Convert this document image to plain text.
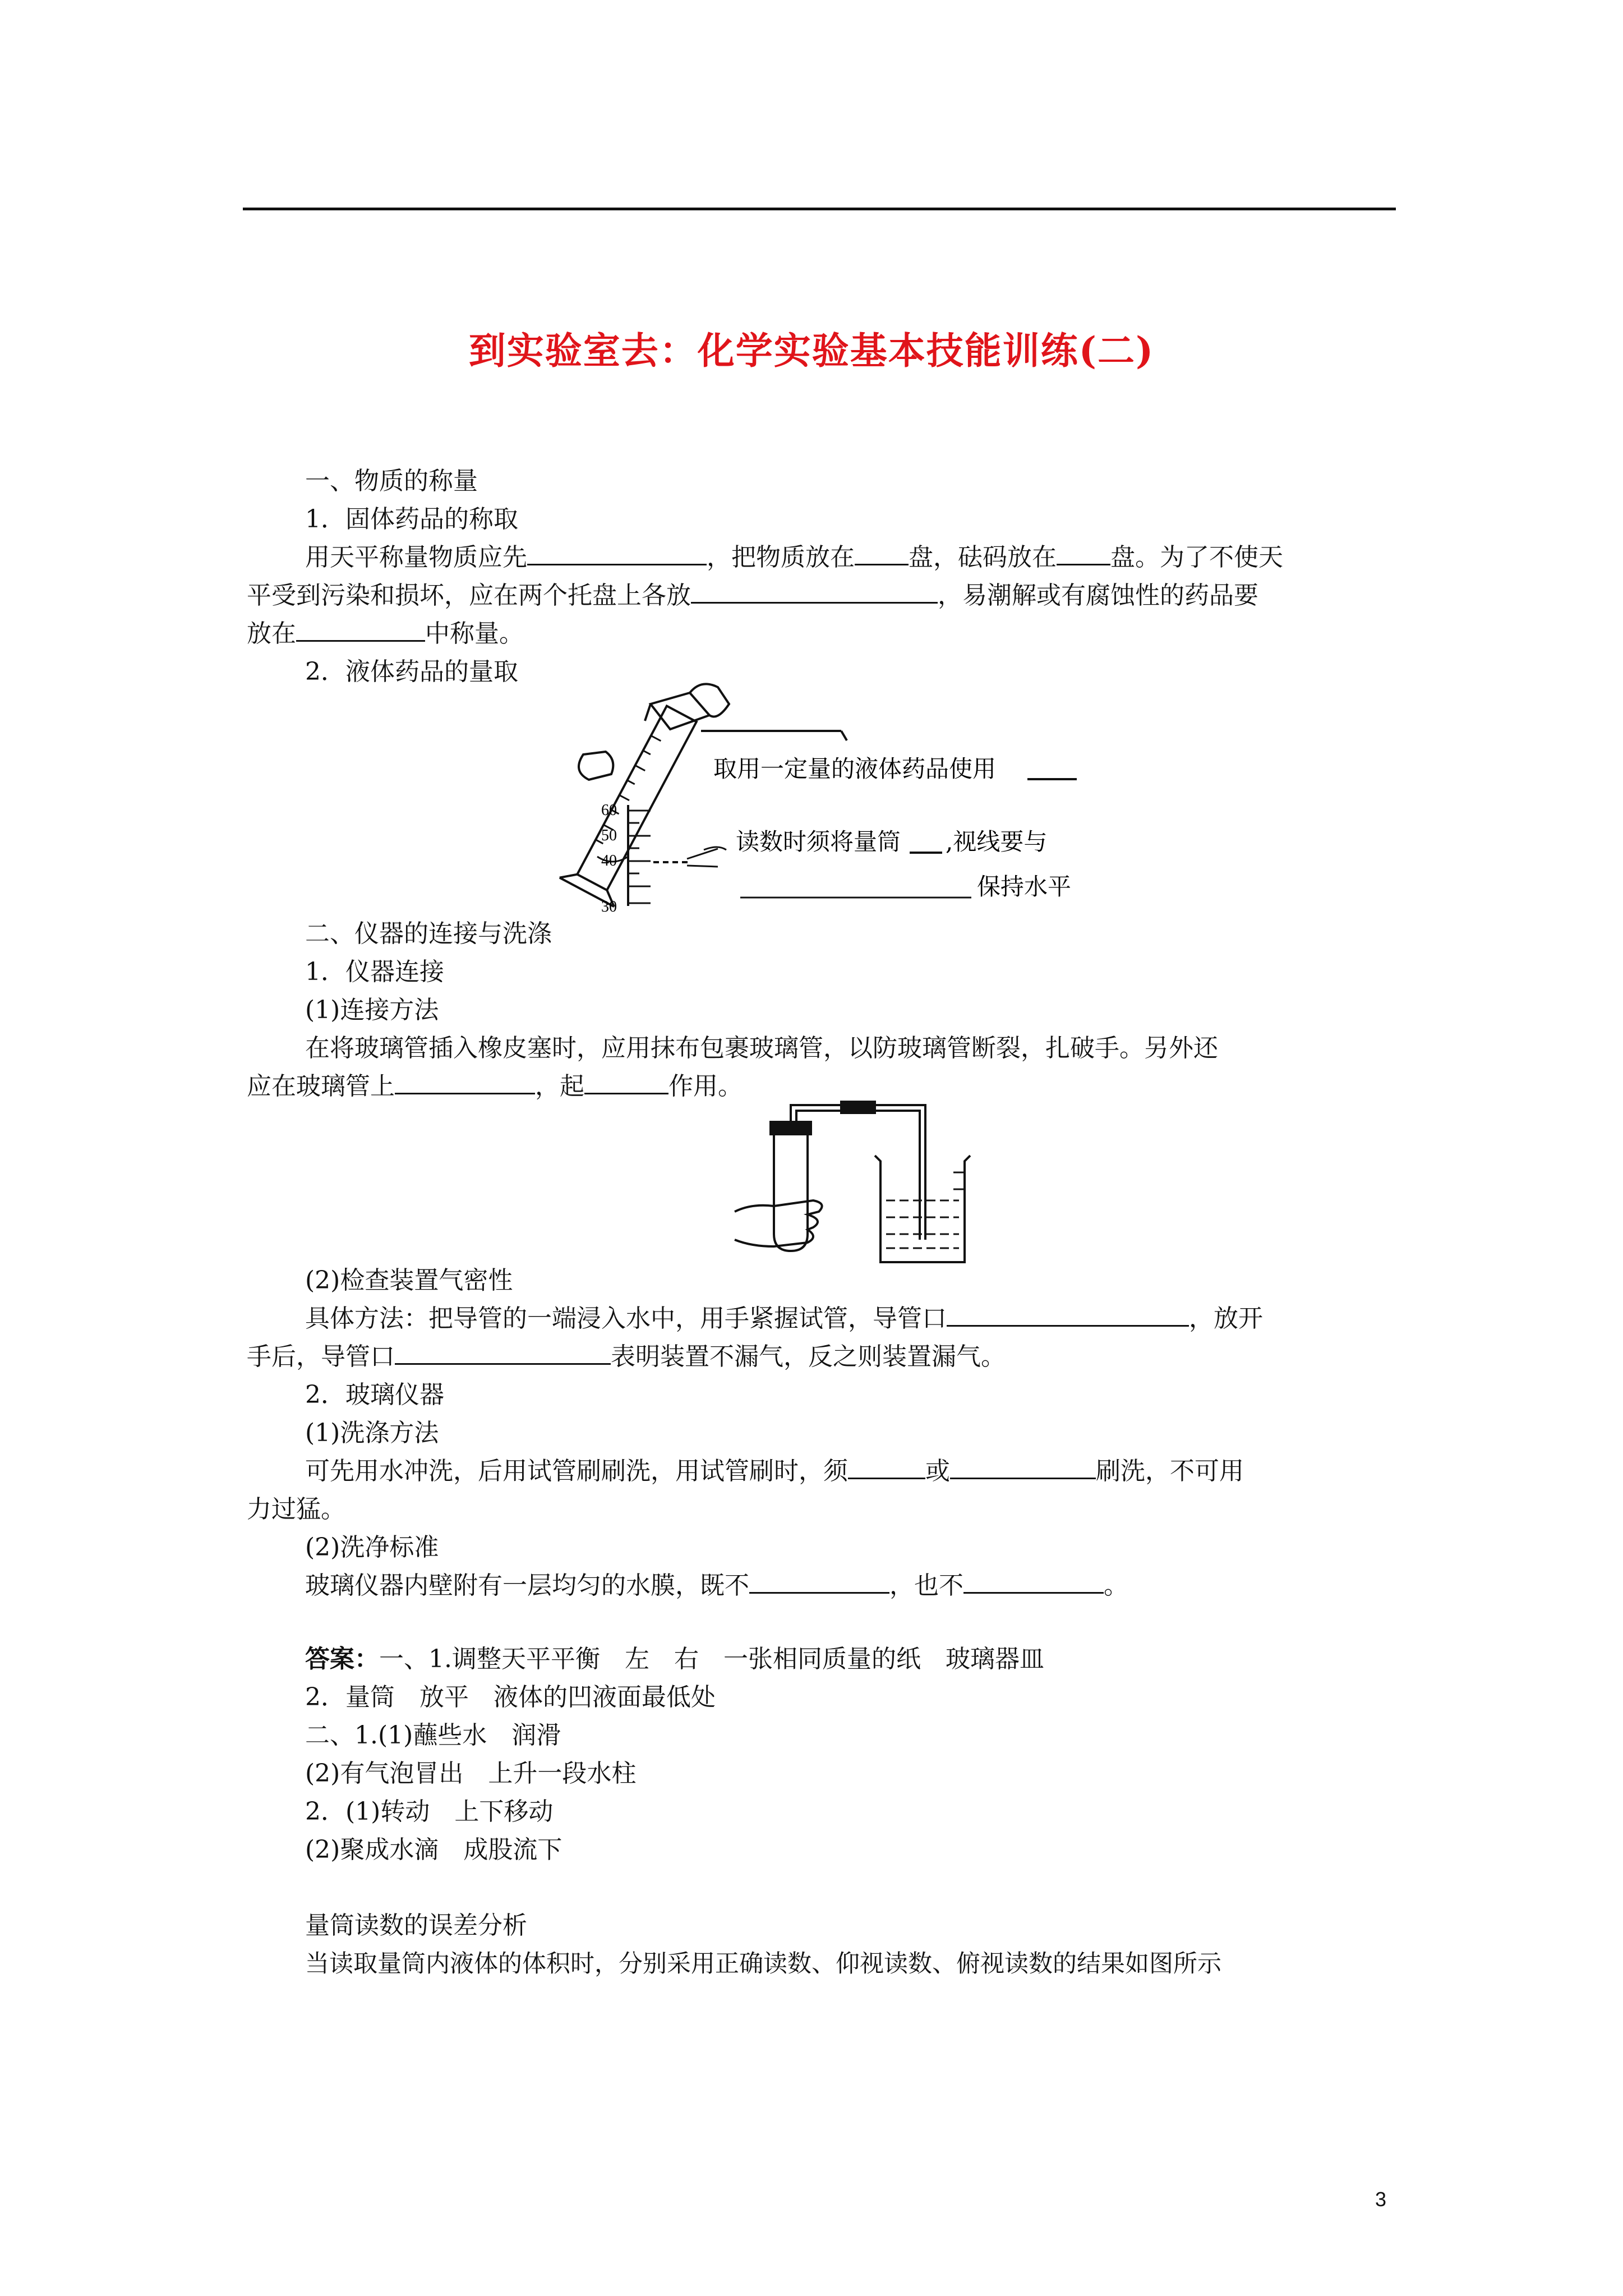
到实验室去：化学实验基本技能训练(二)
一、物质的称量
1．固体药品的称取
用天平称量物质应先	，把物质放在 盘，砝码放在 盘。为了不使天
平受到污染和损坏，应在两个托盘上各放	，易潮解或有腐蚀性的药品要
放在	中称量。
2．液体药品的量取
60
50
40
30
取用一定量的液体药品使用
读数时须将量筒 ,视线要与
保持水平
二、仪器的连接与洗涤
1．仪器连接
(1)连接方法
在将玻璃管插入橡皮塞时，应用抹布包裹玻璃管，以防玻璃管断裂，扎破手。另外还
应在玻璃管上	，起	作用。
(2)检查装置气密性
具体方法：把导管的一端浸入水中，用手紧握试管，导管口	，放开
手后，导管口	表明装置不漏气，反之则装置漏气。
2．玻璃仪器
(1)洗涤方法
可先用水冲洗，后用试管刷刷洗，用试管刷时，须	或	刷洗，不可用
力过猛。
(2)洗净标准
玻璃仪器内壁附有一层均匀的水膜，既不	，也不	。
答案：一、1.调整天平平衡　左　右　一张相同质量的纸　玻璃器皿
2．量筒　放平　液体的凹液面最低处
二、1.(1)蘸些水　润滑
(2)有气泡冒出　上升一段水柱
2．(1)转动　上下移动
(2)聚成水滴　成股流下
量筒读数的误差分析
当读取量筒内液体的体积时，分别采用正确读数、仰视读数、俯视读数的结果如图所示
3
